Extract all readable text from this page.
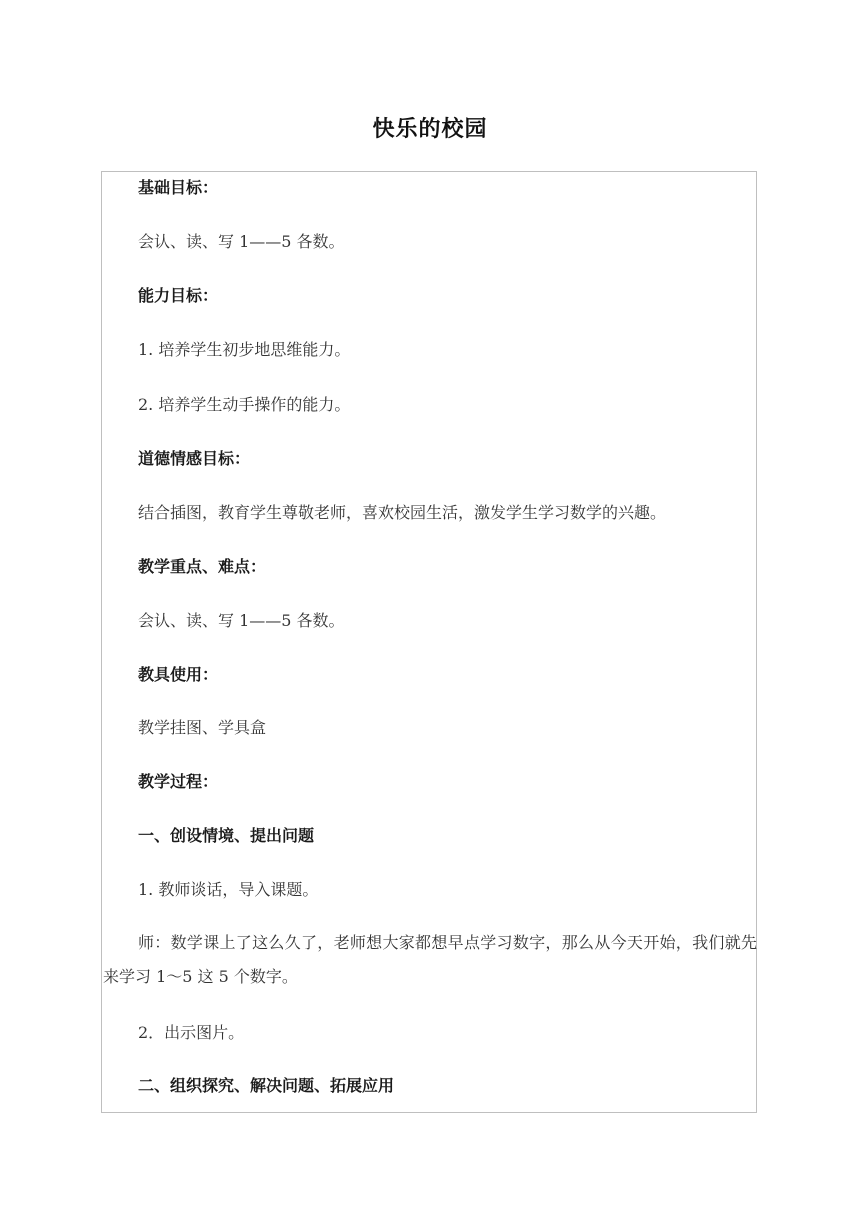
快乐的校园
基础目标：
会认、读、写 1——5 各数。
能力目标：
1. 培养学生初步地思维能力。
2. 培养学生动手操作的能力。
道德情感目标：
结合插图，教育学生尊敬老师，喜欢校园生活，激发学生学习数学的兴趣。
教学重点、难点：
会认、读、写 1——5 各数。
教具使用：
教学挂图、学具盒
教学过程：
一、创设情境、提出问题
1. 教师谈话，导入课题。
师：数学课上了这么久了，老师想大家都想早点学习数字，那么从今天开始，我们就先来学习 1～5 这 5 个数字。
2．出示图片。
二、组织探究、解决问题、拓展应用
